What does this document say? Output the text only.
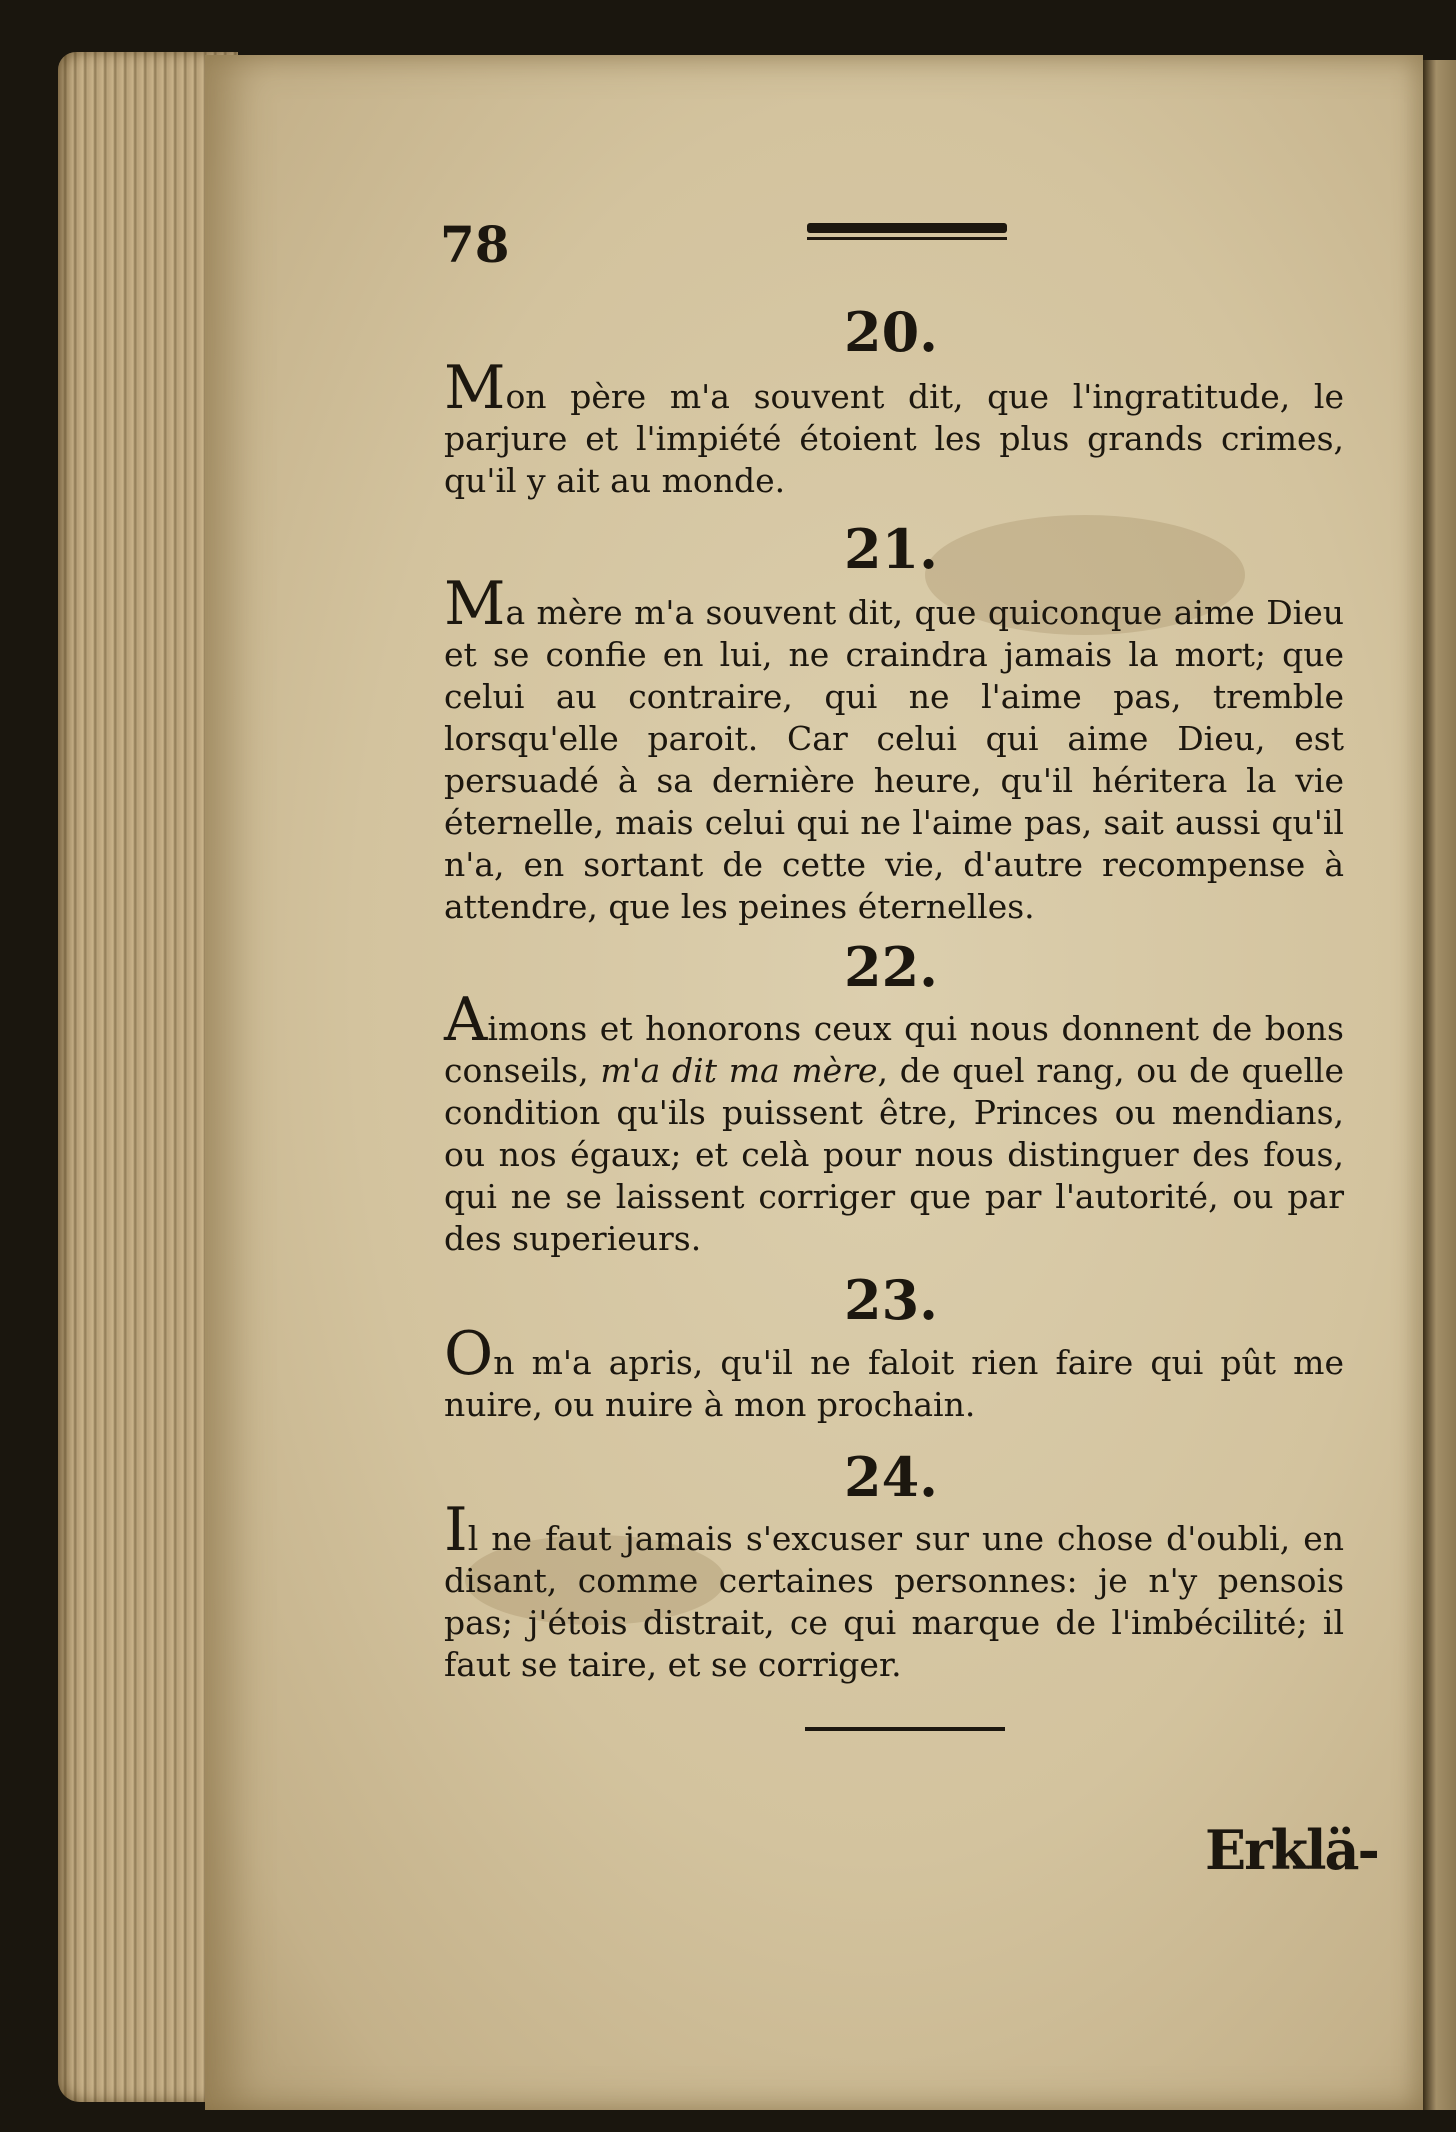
78
20.
Mon père m'a souvent dit, que l'ingratitude, le parjure et l'impiété étoient les plus grands crimes, qu'il y ait au monde.
21.
Ma mère m'a souvent dit, que quiconque aime Dieu et se confie en lui, ne craindra jamais la mort; que celui au contraire, qui ne l'aime pas, tremble lorsqu'elle paroit. Car celui qui aime Dieu, est persuadé à sa dernière heure, qu'il héritera la vie éternelle, mais celui qui ne l'aime pas, sait aussi qu'il n'a, en sortant de cette vie, d'autre recompense à attendre, que les peines éternelles.
22.
Aimons et honorons ceux qui nous donnent de bons conseils, m'a dit ma mère, de quel rang, ou de quelle condition qu'ils puissent être, Princes ou mendians, ou nos égaux; et celà pour nous distinguer des fous, qui ne se laissent corriger que par l'autorité, ou par des superieurs.
23.
On m'a apris, qu'il ne faloit rien faire qui pût me nuire, ou nuire à mon prochain.
24.
Il ne faut jamais s'excuser sur une chose d'oubli, en disant, comme certaines personnes: je n'y pensois pas; j'étois distrait, ce qui marque de l'imbécilité; il faut se taire, et se corriger.
Erklä-
